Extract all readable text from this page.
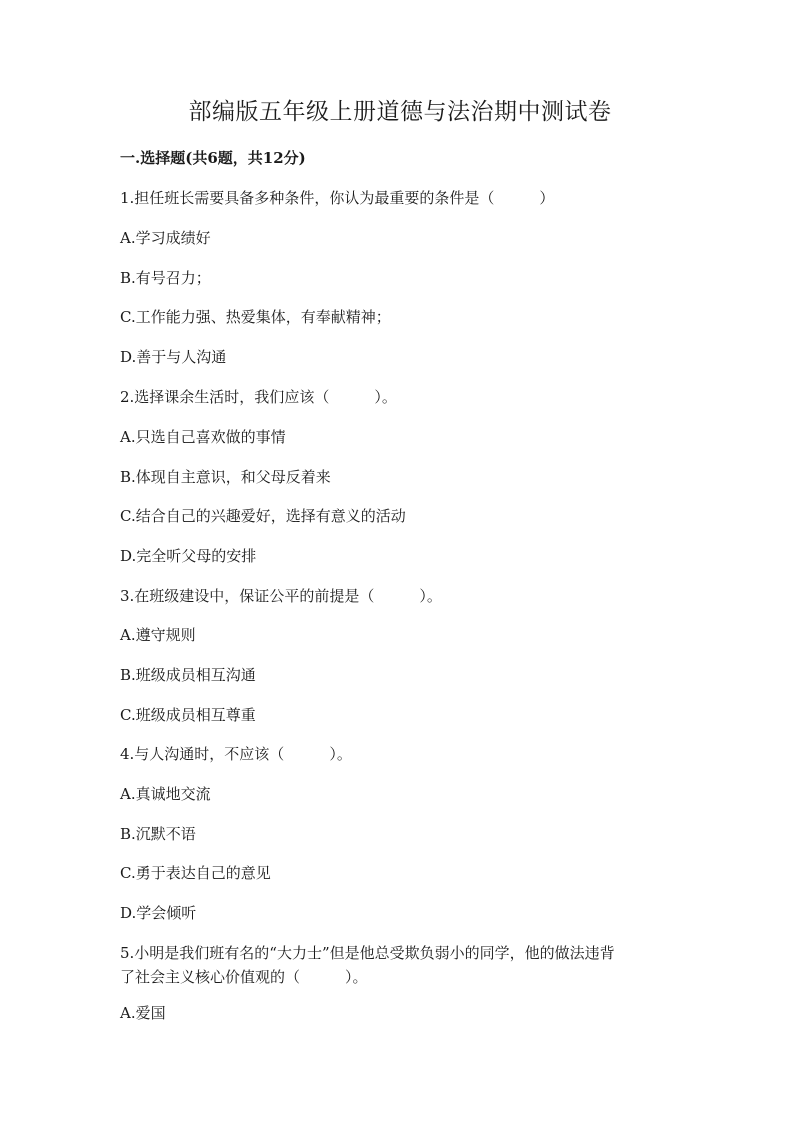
部编版五年级上册道德与法治期中测试卷

一.选择题(共6题，共12分)

1.担任班长需要具备多种条件，你认为最重要的条件是（　　　）

A.学习成绩好

B.有号召力；

C.工作能力强、热爱集体，有奉献精神；

D.善于与人沟通

2.选择课余生活时，我们应该（　　　）。

A.只选自己喜欢做的事情

B.体现自主意识，和父母反着来

C.结合自己的兴趣爱好，选择有意义的活动

D.完全听父母的安排

3.在班级建设中，保证公平的前提是（　　　）。

A.遵守规则

B.班级成员相互沟通

C.班级成员相互尊重

4.与人沟通时，不应该（　　　）。

A.真诚地交流

B.沉默不语

C.勇于表达自己的意见

D.学会倾听

5.小明是我们班有名的“大力士”但是他总受欺负弱小的同学，他的做法违背
了社会主义核心价值观的（　　　）。

A.爱国
